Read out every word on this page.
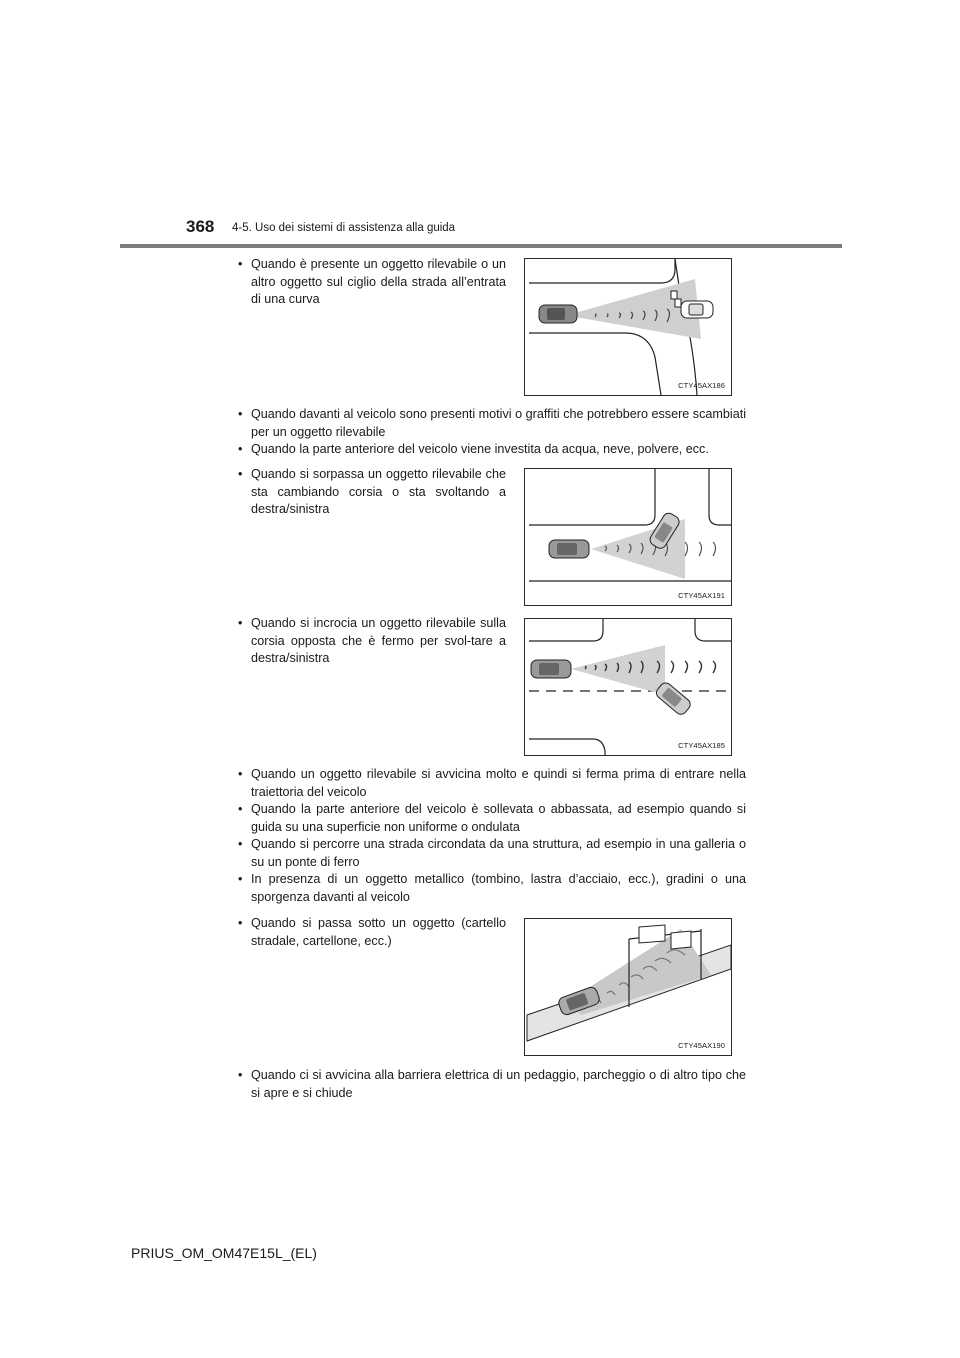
368 4-5. Uso dei sistemi di assistenza alla guida
• Quando è presente un oggetto rilevabile o un altro oggetto sul ciglio della strada all’entrata di una curva
CTY45AX186
• Quando davanti al veicolo sono presenti motivi o graffiti che potrebbero essere scambiati per un oggetto rilevabile
• Quando la parte anteriore del veicolo viene investita da acqua, neve, polvere, ecc.
• Quando si sorpassa un oggetto rilevabile che sta cambiando corsia o sta svoltando a destra/sinistra
CTY45AX191
• Quando si incrocia un oggetto rilevabile sulla corsia opposta che è fermo per svol-tare a destra/sinistra
CTY45AX185
• Quando un oggetto rilevabile si avvicina molto e quindi si ferma prima di entrare nella traiettoria del veicolo
• Quando la parte anteriore del veicolo è sollevata o abbassata, ad esempio quando si guida su una superficie non uniforme o ondulata
• Quando si percorre una strada circondata da una struttura, ad esempio in una galleria o su un ponte di ferro
• In presenza di un oggetto metallico (tombino, lastra d’acciaio, ecc.), gradini o una sporgenza davanti al veicolo
• Quando si passa sotto un oggetto (cartello stradale, cartellone, ecc.)
CTY45AX190
• Quando ci si avvicina alla barriera elettrica di un pedaggio, parcheggio o di altro tipo che si apre e si chiude
PRIUS_OM_OM47E15L_(EL)
